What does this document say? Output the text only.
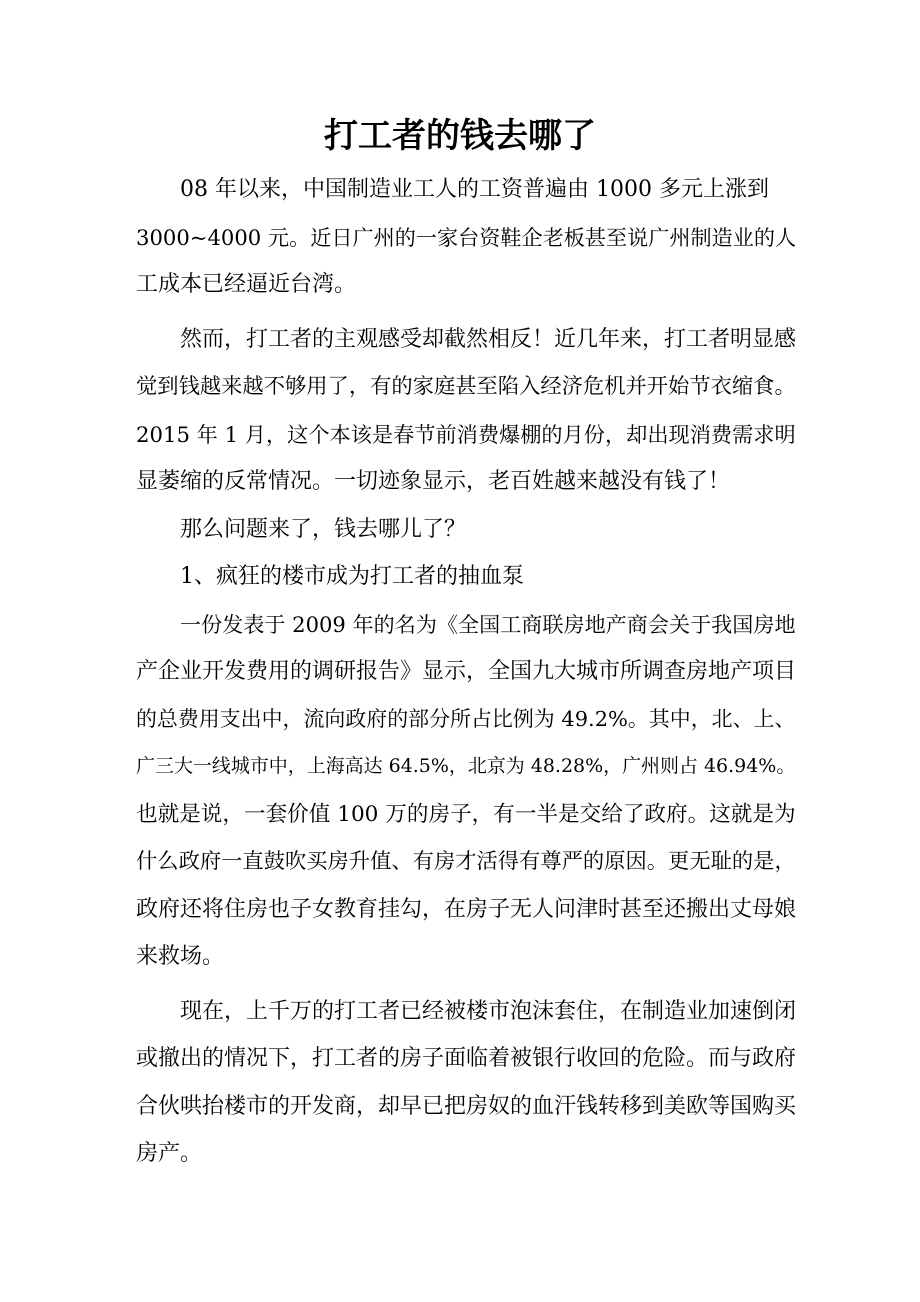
打工者的钱去哪了
08 年以来，中国制造业工人的工资普遍由 1000 多元上涨到
3000~4000 元。近日广州的一家台资鞋企老板甚至说广州制造业的人
工成本已经逼近台湾。
然而，打工者的主观感受却截然相反！近几年来，打工者明显感
觉到钱越来越不够用了，有的家庭甚至陷入经济危机并开始节衣缩食。
2015 年 1 月，这个本该是春节前消费爆棚的月份，却出现消费需求明
显萎缩的反常情况。一切迹象显示，老百姓越来越没有钱了！
那么问题来了，钱去哪儿了？
1、疯狂的楼市成为打工者的抽血泵
一份发表于 2009 年的名为《全国工商联房地产商会关于我国房地
产企业开发费用的调研报告》显示，全国九大城市所调查房地产项目
的总费用支出中，流向政府的部分所占比例为 49.2%。其中，北、上、
广三大一线城市中，上海高达 64.5%，北京为 48.28%，广州则占 46.94%。
也就是说，一套价值 100 万的房子，有一半是交给了政府。这就是为
什么政府一直鼓吹买房升值、有房才活得有尊严的原因。更无耻的是，
政府还将住房也子女教育挂勾，在房子无人问津时甚至还搬出丈母娘
来救场。
现在，上千万的打工者已经被楼市泡沫套住，在制造业加速倒闭
或撤出的情况下，打工者的房子面临着被银行收回的危险。而与政府
合伙哄抬楼市的开发商，却早已把房奴的血汗钱转移到美欧等国购买
房产。
